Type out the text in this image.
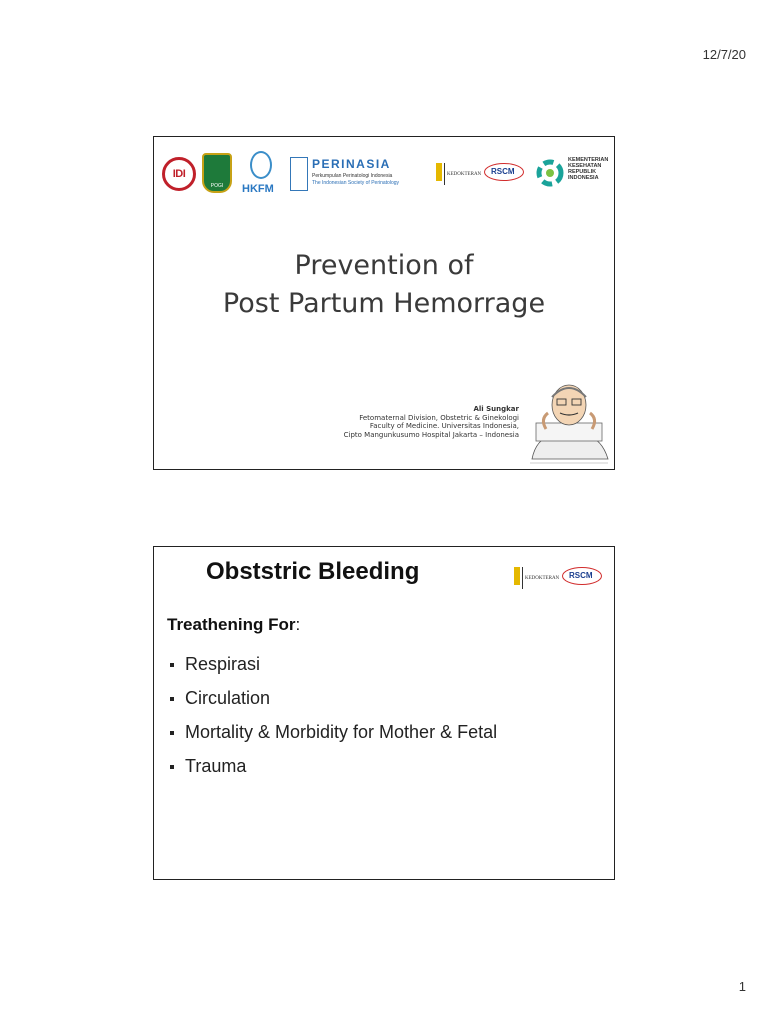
12/7/20
IDI
POGI	HKFM
PERINASIA
Perkumpulan Perinatologi Indonesia
The Indonesian Society of Perinatology
KEDOKTERAN RSCM
KEMENTERIAN
KESEHATAN
REPUBLIK
INDONESIA
Prevention of
Post Partum Hemorrage
Ali Sungkar
Fetomaternal Division, Obstetric & Ginekologi
Faculty of Medicine. Universitas Indonesia,
Cipto Mangunkusumo Hospital Jakarta – Indonesia
Obststric Bleeding	KEDOKTERAN RSCM
Treathening For:
Respirasi
Circulation
Mortality & Morbidity for Mother & Fetal
Trauma
1
